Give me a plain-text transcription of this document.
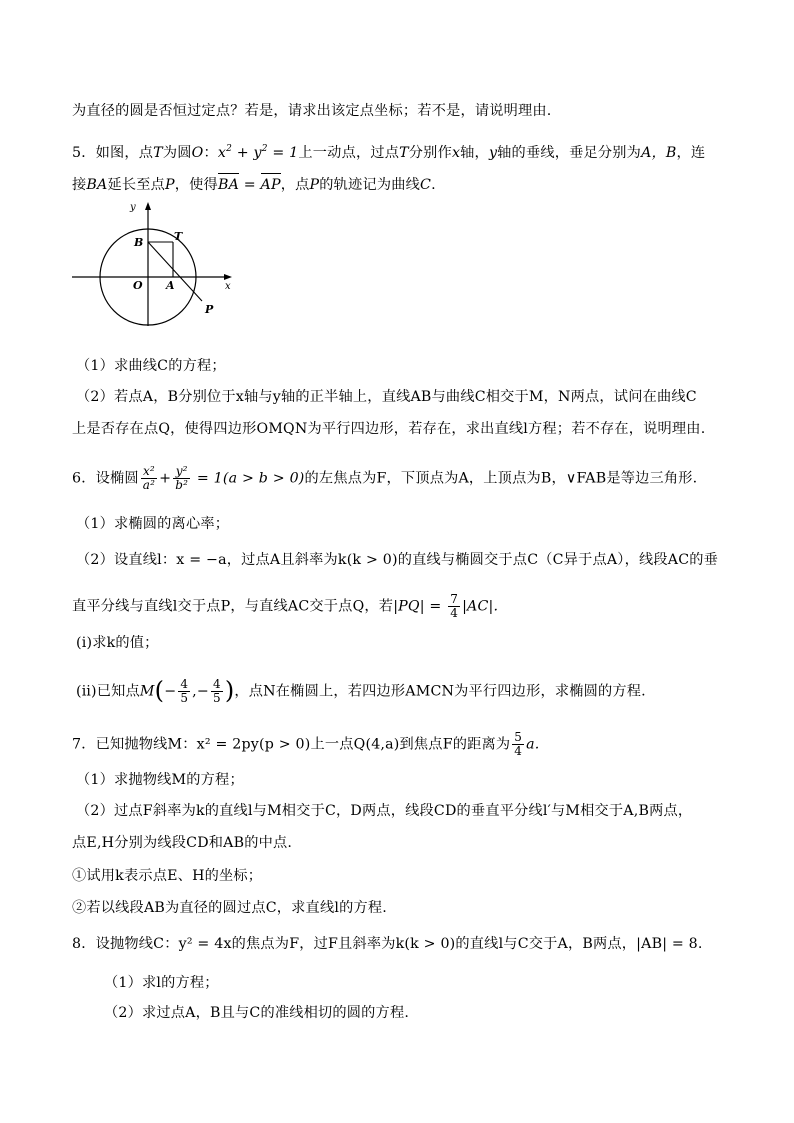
为直径的圆是否恒过定点？若是，请求出该定点坐标；若不是，请说明理由.
5．如图，点T为圆O：$x^2 + y^2 = 1$上一动点，过点T分别作x轴，y轴的垂线，垂足分别为A，B，连
接BA延长至点P，使得BA = AP，点P的轨迹记为曲线C.
y
x
B	T
O A
P
（1）求曲线C的方程；
（2）若点A，B分别位于x轴与y轴的正半轴上，直线AB与曲线C相交于M，N两点，试问在曲线C
上是否存在点Q，使得四边形OMQN为平行四边形，若存在，求出直线l方程；若不存在，说明理由.
6．设椭圆 $\frac{\text{x²}}{\text{a²}} + \frac{\text{y²}}{\text{b²}} = 1(a > b > 0)$的左焦点为F，下顶点为A，上顶点为B，∨FAB是等边三角形.
（1）求椭圆的离心率；
（2）设直线l：x = −a，过点A且斜率为k(k > 0)的直线与椭圆交于点C（C异于点A），线段AC的垂
直平分线与直线l交于点P，与直线AC交于点Q，若$|PQ| = \frac{7}{4} |AC|$.
(ⅰ)求k的值；
(ⅱ)已知点$M(- \frac{4}{5}$ ,− $\frac{4}{5}$ )，点N在椭圆上，若四边形AMCN为平行四边形，求椭圆的方程.
7．已知抛物线M：x² = 2py(p > 0)上一点Q(4,a)到焦点F的距离为 $\frac{5}{4} a$.
（1）求抛物线M的方程；
（2）过点F斜率为k的直线l与M相交于C，D两点，线段CD的垂直平分线l′与M相交于A,B两点，
点E,H分别为线段CD和AB的中点.
①试用k表示点E、H的坐标；
②若以线段AB为直径的圆过点C，求直线l的方程.
8．设抛物线C：y² = 4x的焦点为F，过F且斜率为k(k > 0)的直线l与C交于A，B两点，|AB| = 8.
（1）求l的方程；
（2）求过点A，B且与C的准线相切的圆的方程.
